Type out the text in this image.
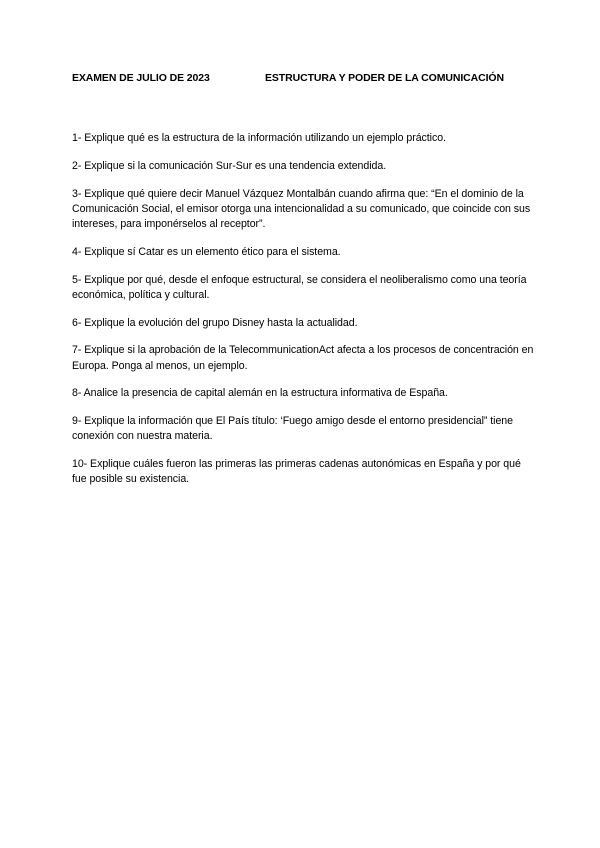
EXAMEN DE JULIO DE 2023	ESTRUCTURA Y PODER DE LA COMUNICACIÓN
1- Explique qué es la estructura de la información utilizando un ejemplo práctico.
2- Explique si la comunicación Sur-Sur es una tendencia extendida.
3- Explique qué quiere decir Manuel Vázquez Montalbán cuando afirma que: “En el dominio de la Comunicación Social, el emisor otorga una intencionalidad a su comunicado, que coincide con sus intereses, para imponérselos al receptor”.
4- Explique sí Catar es un elemento ético para el sistema.
5- Explique por qué, desde el enfoque estructural, se considera el neoliberalismo como una teoría económica, política y cultural.
6- Explique la evolución del grupo Disney hasta la actualidad.
7- Explique si la aprobación de la TelecommunicationAct afecta a los procesos de concentración en Europa. Ponga al menos, un ejemplo.
8- Analice la presencia de capital alemán en la estructura informativa de España.
9- Explique la información que El País título: ‘Fuego amigo desde el entorno presidencial” tiene conexión con nuestra materia.
10- Explique cuáles fueron las primeras las primeras cadenas autonómicas en España y por qué fue posible su existencia.
